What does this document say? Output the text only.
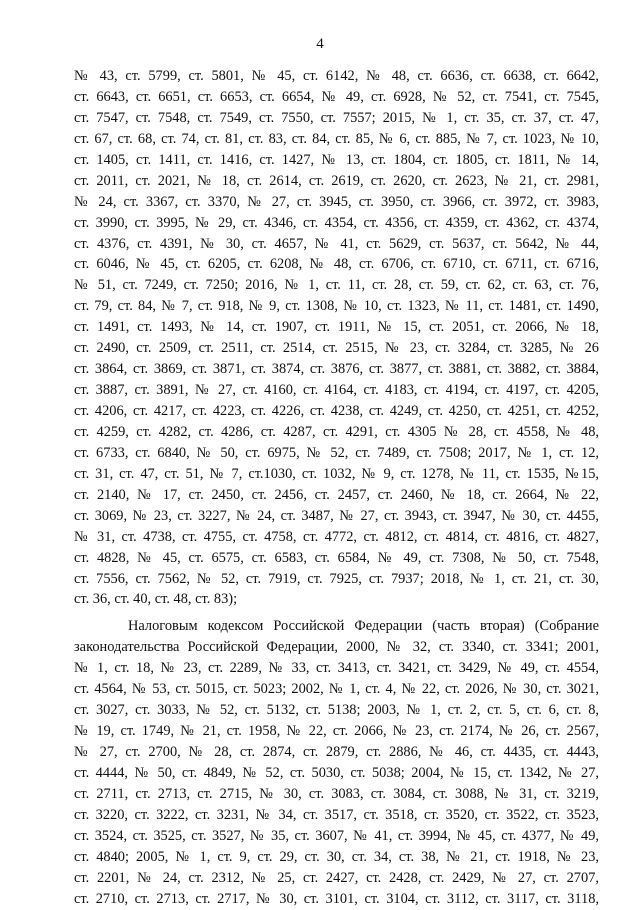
4
№ 43, ст. 5799, ст. 5801, № 45, ст. 6142, № 48, ст. 6636, ст. 6638, ст. 6642,
ст. 6643, ст. 6651, ст. 6653, ст. 6654, № 49, ст. 6928, № 52, ст. 7541, ст. 7545,
ст. 7547, ст. 7548, ст. 7549, ст. 7550, ст. 7557; 2015, № 1, ст. 35, ст. 37, ст. 47,
ст. 67, ст. 68, ст. 74, ст. 81, ст. 83, ст. 84, ст. 85, № 6, ст. 885, № 7, ст. 1023, № 10,
ст. 1405, ст. 1411, ст. 1416, ст. 1427, № 13, ст. 1804, ст. 1805, ст. 1811, № 14,
ст. 2011, ст. 2021, № 18, ст. 2614, ст. 2619, ст. 2620, ст. 2623, № 21, ст. 2981,
№ 24, ст. 3367, ст. 3370, № 27, ст. 3945, ст. 3950, ст. 3966, ст. 3972, ст. 3983,
ст. 3990, ст. 3995, № 29, ст. 4346, ст. 4354, ст. 4356, ст. 4359, ст. 4362, ст. 4374,
ст. 4376, ст. 4391, № 30, ст. 4657, № 41, ст. 5629, ст. 5637, ст. 5642, № 44,
ст. 6046, № 45, ст. 6205, ст. 6208, № 48, ст. 6706, ст. 6710, ст. 6711, ст. 6716,
№ 51, ст. 7249, ст. 7250; 2016, № 1, ст. 11, ст. 28, ст. 59, ст. 62, ст. 63, ст. 76,
ст. 79, ст. 84, № 7, ст. 918, № 9, ст. 1308, № 10, ст. 1323, № 11, ст. 1481, ст. 1490,
ст. 1491, ст. 1493, № 14, ст. 1907, ст. 1911, № 15, ст. 2051, ст. 2066, № 18,
ст. 2490, ст. 2509, ст. 2511, ст. 2514, ст. 2515, № 23, ст. 3284, ст. 3285, № 26
ст. 3864, ст. 3869, ст. 3871, ст. 3874, ст. 3876, ст. 3877, ст. 3881, ст. 3882, ст. 3884,
ст. 3887, ст. 3891, № 27, ст. 4160, ст. 4164, ст. 4183, ст. 4194, ст. 4197, ст. 4205,
ст. 4206, ст. 4217, ст. 4223, ст. 4226, ст. 4238, ст. 4249, ст. 4250, ст. 4251, ст. 4252,
ст. 4259, ст. 4282, ст. 4286, ст. 4287, ст. 4291, ст. 4305 № 28, ст. 4558, № 48,
ст. 6733, ст. 6840, № 50, ст. 6975, № 52, ст. 7489, ст. 7508; 2017, № 1, ст. 12,
ст. 31, ст. 47, ст. 51, № 7, ст.1030, ст. 1032, № 9, ст. 1278, № 11, ст. 1535, №15,
ст. 2140, № 17, ст. 2450, ст. 2456, ст. 2457, ст. 2460, № 18, ст. 2664, № 22,
ст. 3069, № 23, ст. 3227, № 24, ст. 3487, № 27, ст. 3943, ст. 3947, № 30, ст. 4455,
№ 31, ст. 4738, ст. 4755, ст. 4758, ст. 4772, ст. 4812, ст. 4814, ст. 4816, ст. 4827,
ст. 4828, № 45, ст. 6575, ст. 6583, ст. 6584, № 49, ст. 7308, № 50, ст. 7548,
ст. 7556, ст. 7562, № 52, ст. 7919, ст. 7925, ст. 7937; 2018, № 1, ст. 21, ст. 30,
ст. 36, ст. 40, ст. 48, ст. 83);
Налоговым кодексом Российской Федерации (часть вторая) (Собрание
законодательства Российской Федерации, 2000, № 32, ст. 3340, ст. 3341; 2001,
№ 1, ст. 18, № 23, ст. 2289, № 33, ст. 3413, ст. 3421, ст. 3429, № 49, ст. 4554,
ст. 4564, № 53, ст. 5015, ст. 5023; 2002, № 1, ст. 4, № 22, ст. 2026, № 30, ст. 3021,
ст. 3027, ст. 3033, № 52, ст. 5132, ст. 5138; 2003, № 1, ст. 2, ст. 5, ст. 6, ст. 8,
№ 19, ст. 1749, № 21, ст. 1958, № 22, ст. 2066, № 23, ст. 2174, № 26, ст. 2567,
№ 27, ст. 2700, № 28, ст. 2874, ст. 2879, ст. 2886, № 46, ст. 4435, ст. 4443,
ст. 4444, № 50, ст. 4849, № 52, ст. 5030, ст. 5038; 2004, № 15, ст. 1342, № 27,
ст. 2711, ст. 2713, ст. 2715, № 30, ст. 3083, ст. 3084, ст. 3088, № 31, ст. 3219,
ст. 3220, ст. 3222, ст. 3231, № 34, ст. 3517, ст. 3518, ст. 3520, ст. 3522, ст. 3523,
ст. 3524, ст. 3525, ст. 3527, № 35, ст. 3607, № 41, ст. 3994, № 45, ст. 4377, № 49,
ст. 4840; 2005, № 1, ст. 9, ст. 29, ст. 30, ст. 34, ст. 38, № 21, ст. 1918, № 23,
ст. 2201, № 24, ст. 2312, № 25, ст. 2427, ст. 2428, ст. 2429, № 27, ст. 2707,
ст. 2710, ст. 2713, ст. 2717, № 30, ст. 3101, ст. 3104, ст. 3112, ст. 3117, ст. 3118,
